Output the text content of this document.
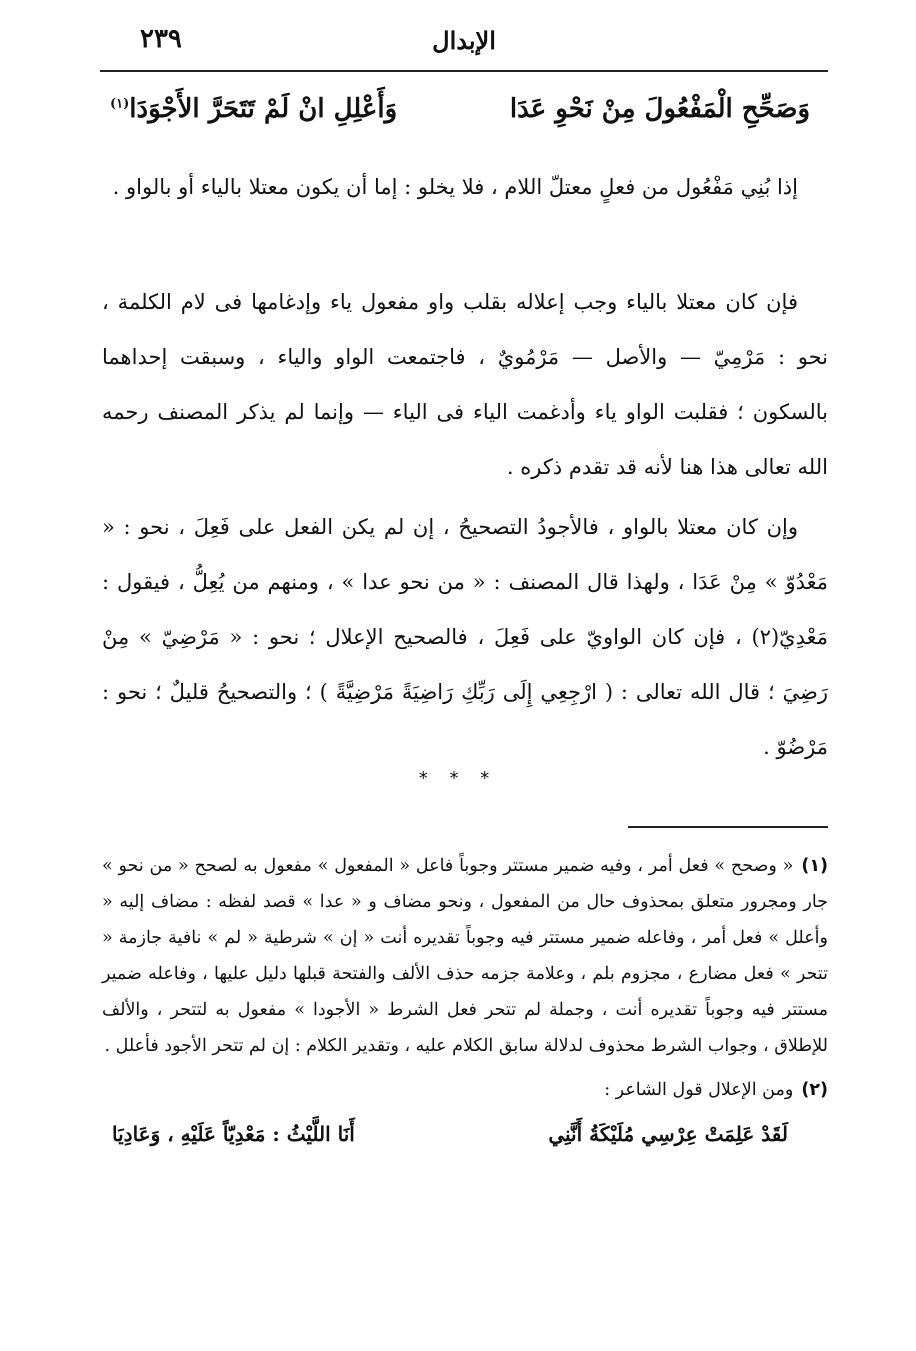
الإبدال
٢٣٩
وَصَحِّحِ الْمَفْعُولَ مِنْ نَحْوِ عَدَا
وَأَعْلِلِ انْ لَمْ تَتَحَرَّ الأَجْوَدَا$^{(١)}$

إذا بُنِي مَفْعُول من فعلٍ معتلّ اللام ، فلا يخلو : إما أن يكون معتلا بالياء أو بالواو .

فإن كان معتلا بالياء وجب إعلاله بقلب واو مفعول ياء وإدغامها فى لام الكلمة ، نحو : مَرْمِيّ — والأصل — مَرْمُويٌ ، فاجتمعت الواو والياء ، وسبقت إحداهما بالسكون ؛ فقلبت الواو ياء وأدغمت الياء فى الياء — وإنما لم يذكر المصنف رحمه الله تعالى هذا هنا لأنه قد تقدم ذكره .

وإن كان معتلا بالواو ، فالأجودُ التصحيحُ ، إن لم يكن الفعل على فَعِلَ ، نحو : « مَعْدُوّ » مِنْ عَدَا ، ولهذا قال المصنف : « من نحو عدا » ، ومنهم من يُعِلُّ ، فيقول : مَعْدِيّ(٢) ، فإن كان الواويّ على فَعِلَ ، فالصحيح الإعلال ؛ نحو : « مَرْضِيّ » مِنْ رَضِيَ ؛ قال الله تعالى : ( ارْجِعِي إِلَى رَبِّكِ رَاضِيَةً مَرْضِيَّةً ) ؛ والتصحيحُ قليلٌ ؛ نحو : مَرْضُوّ .

* * *

(١)« وصحح » فعل أمر ، وفيه ضمير مستتر وجوباً فاعل « المفعول » مفعول به لصحح « من نحو » جار ومجرور متعلق بمحذوف حال من المفعول ، ونحو مضاف و « عدا » قصد لفظه : مضاف إليه « وأعلل » فعل أمر ، وفاعله ضمير مستتر فيه وجوباً تقديره أنت « إن » شرطية « لم » نافية جازمة « تتحر » فعل مضارع ، مجزوم بلم ، وعلامة جزمه حذف الألف والفتحة قبلها دليل عليها ، وفاعله ضمير مستتر فيه وجوباً تقديره أنت ، وجملة لم تتحر فعل الشرط « الأجودا » مفعول به لتتحر ، والألف للإطلاق ، وجواب الشرط محذوف لدلالة سابق الكلام عليه ، وتقدير الكلام : إن لم تتحر الأجود فأعلل .

(٢)ومن الإعلال قول الشاعر :

لَقَدْ عَلِمَتْ عِرْسِي مُلَيْكَةُ أَنَّنِي
أَنَا اللَّيْثُ : مَعْدِيّاً عَلَيْهِ ، وَعَادِيَا
